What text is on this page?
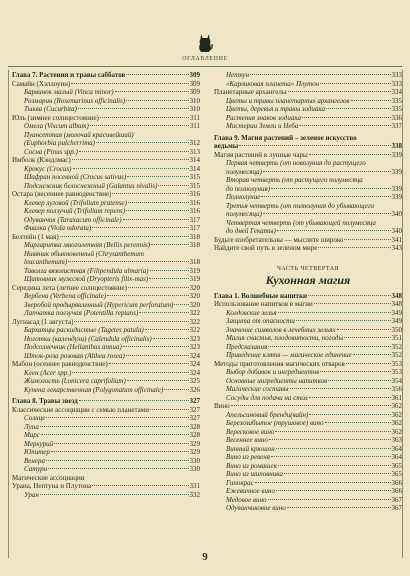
ОГЛАВЛЕНИЕ
Глава 7. Растения и травы саббатов	309
Самайн (Хэллоуин)	309
Барвинок малый (Vinca minor)	309
Розмарин (Rosemarinus officinalis)	310
Тыква (Cucurbita)	310
Юль (зимнее солнцестояние)	311
Омела (Viscum album)	311
Пуансеттия (молочай красивейший)
(Euphorbia pulcherrima)	312
Сосна (Pinus spp.)	313
Имболк (Кэндлмас)	314
Крокус (Crocus)	314
Шафран посевной (Crocus sativus)	315
Подснежник белоснежный (Galantus nivalis)	315
Остара (весеннее равноденствие)	316
Клевер луговой (Trifolium pratense)	316
Клевер ползучий (Trifolium repens)	316
Одуванчик (Taraxacum officinale)	317
Фиалка (Viola odorata)	317
Белтейн (1 мая)	318
Маргаритка многолетняя (Bellis perennis)	318
Нивяник обыкновенный (Chrysanthemum
leucanthemum)	318
Таволга вязолистная (Filipendula ulmaria)	319
Щитовник мужской (Dryopteris filix-mas)	319
Середина лета (летнее солнцестояние)	320
Вербена (Verbena officinale)	320
Зверобой продырявленный (Hypericum perforatum) 320
Лапчатка ползучая (Potentilla reptans)	322
Лугнасад (1 августа)	322
Бархатцы раскидистые (Tagetes patula)	322
Ноготки (календула) (Calendula officinalis)	323
Подсолнечник (Helianthus annua)	323
Шток-роза розовая (Althea rosea)	324
Мабон (осеннее равноденствие)	324
Клен (Acer spp.)	324
Жимолость (Lonicera caprifolium)	325
Купена лекарственная (Polygonatum officinale)	326
Глава 8. Травы звезд	327
Классические ассоциации с семью планетами	327
Солнце	327
Луна	328
Марс	328
Меркурий	329
Юпитер	329
Венера	330
Сатурн	330
Магические ассоциации
Урана, Нептуна и Плутона	331
Уран	332
Нептун	333
«Карликовая планета» Плутон	333
Планетарные архангелы	334
Цветы и травы планетарных архангелов	335
Цветы, деревья и травы зодиака	335
Растения знаков зодиака	336
Мистерии Земли и Неба	337
Глава 9. Магия растений – зеленое искусство
ведьмы	338
Магия растений в лунные чары	339
Первая четверть (от новолуния до растущего
полумесяца)	339
Вторая четверть (от растущего полумесяца
до полнолуния)	339
Полнолуние	339
Третья четверть (от полнолуния до убывающего
полумесяца)	340
Четвертая четверть (от убывающей полумесяца
до дней Гекаты)	340
Будьте изобретательны — мыслите широко	341
Найдите свой путь в зеленом мире	343
ЧАСТЬ ЧЕТВЕРТАЯ
Кухонная магия
Глава 1. Волшебные напитки	348
Использование напитков в магии	348
Колдовские зелья	349
Защита от опасности	349
Значение символов в лечебных зельях	350
Магия счастья, плодовитости, погоды	351
Предсказания	352
Приведение клятв — магическое единение	352
Методы приготовления магических отваров	353
Выбор добавок и ингредиентов	353
Основные ингредиенты напитков	354
Магические составы	356
Сосуды для подачи на стол	361
Вино	362
Апельсиновый бренди(вайн)	362
Березозабытое (трушовое) вино	362
Вересковое вино	362
Весеннее вино	363
Винный крюшон	364
Вино из ревеня	364
Вино из ромашек	365
Вино из шиповника	365
Гипокрас	366
Ежевичное вино	366
Медовое вино	367
Одуванчиковое вино	367
9
